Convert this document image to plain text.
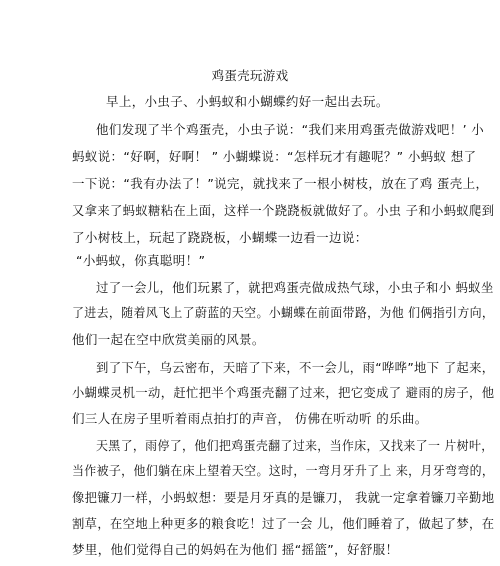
鸡蛋壳玩游戏
早上，小虫子、小蚂蚁和小蝴蝶约好一起出去玩。
他们发现了半个鸡蛋壳，小虫子说：“我们来用鸡蛋壳做游戏吧！’ 小
蚂蚁说：“好啊，好啊！ ” 小蝴蝶说：“怎样玩才有趣呢？” 小蚂蚁 想了
一下说：“我有办法了！”说完，就找来了一根小树枝，放在了鸡 蛋壳上，
又拿来了蚂蚁糖粘在上面，这样一个跷跷板就做好了。小虫 子和小蚂蚁爬到
了小树枝上，玩起了跷跷板，小蝴蝶一边看一边说：
“小蚂蚁，你真聪明！”
过了一会儿，他们玩累了，就把鸡蛋壳做成热气球，小虫子和小 蚂蚁坐
了进去，随着风飞上了蔚蓝的天空。小蝴蝶在前面带路，为他 们俩指引方向，
他们一起在空中欣赏美丽的风景。
到了下午，乌云密布，天暗了下来，不一会儿，雨“哗哗”地下 了起来，
小蝴蝶灵机一动，赶忙把半个鸡蛋壳翻了过来，把它变成了 避雨的房子，他
们三人在房子里听着雨点拍打的声音， 仿佛在听动听 的乐曲。
天黑了，雨停了，他们把鸡蛋壳翻了过来，当作床，又找来了一 片树叶，
当作被子，他们躺在床上望着天空。这时，一弯月牙升了上 来，月牙弯弯的，
像把镰刀一样，小蚂蚁想：要是月牙真的是镰刀， 我就一定拿着镰刀辛勤地
割草，在空地上种更多的粮食吃！过了一会 儿，他们睡着了，做起了梦，在
梦里，他们觉得自己的妈妈在为他们 摇“摇篮”，好舒服！
